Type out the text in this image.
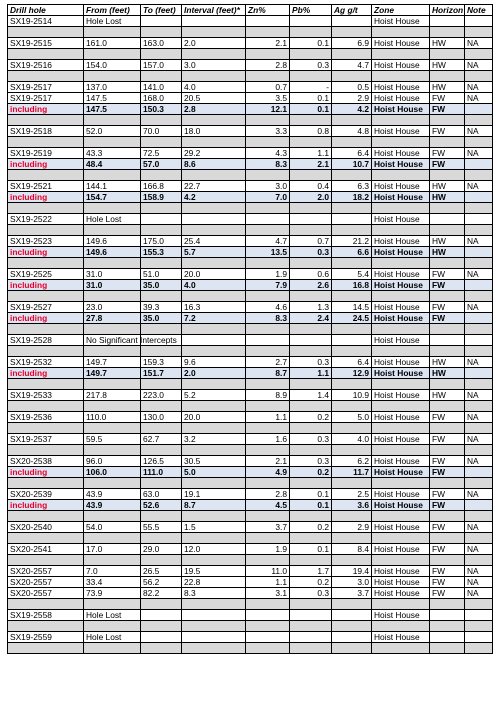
Drill hole	From (feet)	To (feet)	Interval (feet)*	Zn%	Pb%	Ag g/t	Zone	Horizon	Note
SX19-2514	Hole Lost						Hoist House		

SX19-2515	161.0	163.0	2.0	2.1	0.1	6.9	Hoist House	HW	NA

SX19-2516	154.0	157.0	3.0	2.8	0.3	4.7	Hoist House	HW	NA

SX19-2517	137.0	141.0	4.0	0.7	-	0.5	Hoist House	HW	NA
SX19-2517	147.5	168.0	20.5	3.5	0.1	2.9	Hoist House	FW	NA
including	147.5	150.3	2.8	12.1	0.1	4.2	Hoist House	FW	

SX19-2518	52.0	70.0	18.0	3.3	0.8	4.8	Hoist House	FW	NA

SX19-2519	43.3	72.5	29.2	4.3	1.1	6.4	Hoist House	FW	NA
including	48.4	57.0	8.6	8.3	2.1	10.7	Hoist House	FW	

SX19-2521	144.1	166.8	22.7	3.0	0.4	6.3	Hoist House	HW	NA
including	154.7	158.9	4.2	7.0	2.0	18.2	Hoist House	HW	

SX19-2522	Hole Lost						Hoist House		

SX19-2523	149.6	175.0	25.4	4.7	0.7	21.2	Hoist House	HW	NA
including	149.6	155.3	5.7	13.5	0.3	6.6	Hoist House	HW	

SX19-2525	31.0	51.0	20.0	1.9	0.6	5.4	Hoist House	FW	NA
including	31.0	35.0	4.0	7.9	2.6	16.8	Hoist House	FW	

SX19-2527	23.0	39.3	16.3	4.6	1.3	14.5	Hoist House	FW	NA
including	27.8	35.0	7.2	8.3	2.4	24.5	Hoist House	FW	

SX19-2528	No Significant Intercepts						Hoist House		

SX19-2532	149.7	159.3	9.6	2.7	0.3	6.4	Hoist House	HW	NA
including	149.7	151.7	2.0	8.7	1.1	12.9	Hoist House	HW	

SX19-2533	217.8	223.0	5.2	8.9	1.4	10.9	Hoist House	HW	NA

SX19-2536	110.0	130.0	20.0	1.1	0.2	5.0	Hoist House	FW	NA

SX19-2537	59.5	62.7	3.2	1.6	0.3	4.0	Hoist House	FW	NA

SX20-2538	96.0	126.5	30.5	2.1	0.3	6.2	Hoist House	FW	NA
including	106.0	111.0	5.0	4.9	0.2	11.7	Hoist House	FW	

SX20-2539	43.9	63.0	19.1	2.8	0.1	2.5	Hoist House	FW	NA
including	43.9	52.6	8.7	4.5	0.1	3.6	Hoist House	FW	

SX20-2540	54.0	55.5	1.5	3.7	0.2	2.9	Hoist House	FW	NA

SX20-2541	17.0	29.0	12.0	1.9	0.1	8.4	Hoist House	FW	NA

SX20-2557	7.0	26.5	19.5	11.0	1.7	19.4	Hoist House	FW	NA
SX20-2557	33.4	56.2	22.8	1.1	0.2	3.0	Hoist House	FW	NA
SX20-2557	73.9	82.2	8.3	3.1	0.3	3.7	Hoist House	FW	NA

SX19-2558	Hole Lost						Hoist House		

SX19-2559	Hole Lost						Hoist House		
